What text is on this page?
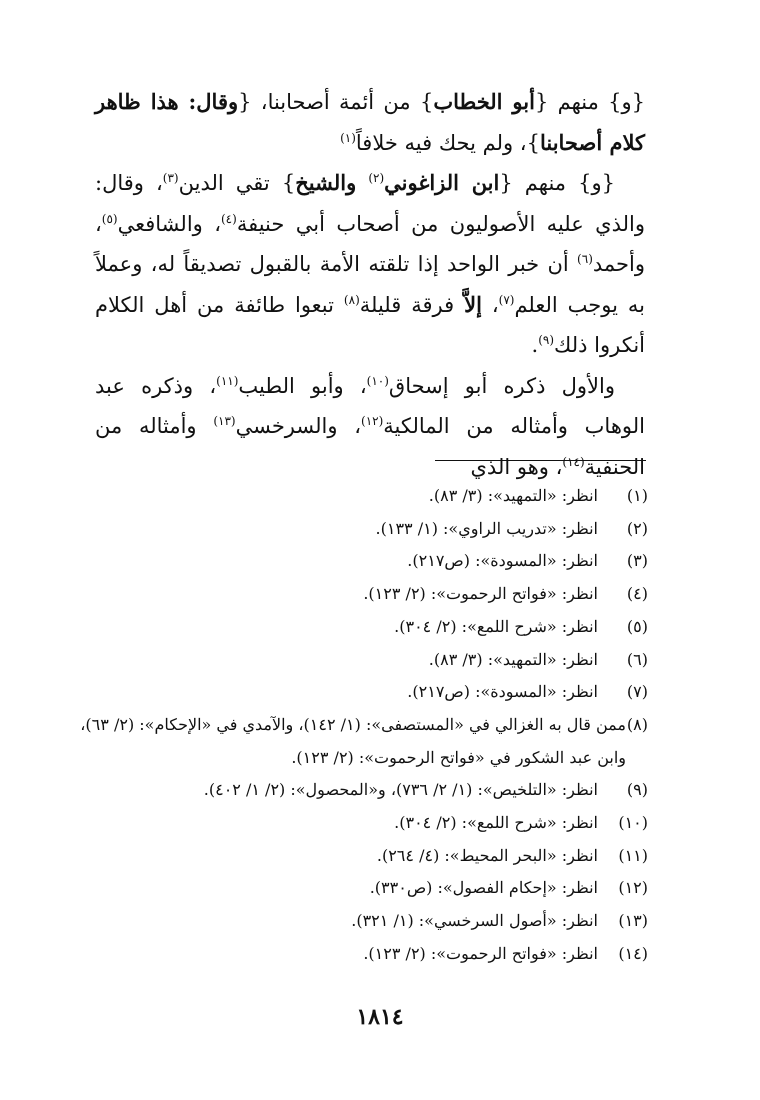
{و} منهم {أبو الخطاب} من أئمة أصحابنا، {وقال: هذا ظاهر كلام أصحابنا}، ولم يحك فيه خلافاً$^{(١)}$

{و} منهم {ابن الزاغوني$^{(٢)}$ والشيخ} تقي الدين$^{(٣)}$، وقال: والذي عليه الأصوليون من أصحاب أبي حنيفة$^{(٤)}$، والشافعي$^{(٥)}$، وأحمد$^{(٦)}$ أن خبر الواحد إذا تلقته الأمة بالقبول تصديقاً له، وعملاً به يوجب العلم$^{(٧)}$، إلاَّ فرقة قليلة$^{(٨)}$ تبعوا طائفة من أهل الكلام أنكروا ذلك$^{(٩)}$.

والأول ذكره أبو إسحاق$^{(١٠)}$، وأبو الطيب$^{(١١)}$، وذكره عبد الوهاب وأمثاله من المالكية$^{(١٢)}$، والسرخسي$^{(١٣)}$ وأمثاله من الحنفية$^{(١٤)}$، وهو الذي

(١)
انظر: «التمهيد»: (٣/ ٨٣).
(٢)
انظر: «تدريب الراوي»: (١/ ١٣٣).
(٣)
انظر: «المسودة»: (ص٢١٧).
(٤)
انظر: «فواتح الرحموت»: (٢/ ١٢٣).
(٥)
انظر: «شرح اللمع»: (٢/ ٣٠٤).
(٦)
انظر: «التمهيد»: (٣/ ٨٣).
(٧)
انظر: «المسودة»: (ص٢١٧).
(٨)
ممن قال به الغزالي في «المستصفى»: (١/ ١٤٢)، والآمدي في «الإحكام»: (٢/ ٦٣)، وابن عبد الشكور في «فواتح الرحموت»: (٢/ ١٢٣).
(٩)
انظر: «التلخيص»: (١/ ٢/ ٧٣٦)، و«المحصول»: (٢/ ١/ ٤٠٢).
(١٠)
انظر: «شرح اللمع»: (٢/ ٣٠٤).
(١١)
انظر: «البحر المحيط»: (٤/ ٢٦٤).
(١٢)
انظر: «إحكام الفصول»: (ص٣٣٠).
(١٣)
انظر: «أصول السرخسي»: (١/ ٣٢١).
(١٤)
انظر: «فواتح الرحموت»: (٢/ ١٢٣).
١٨١٤
